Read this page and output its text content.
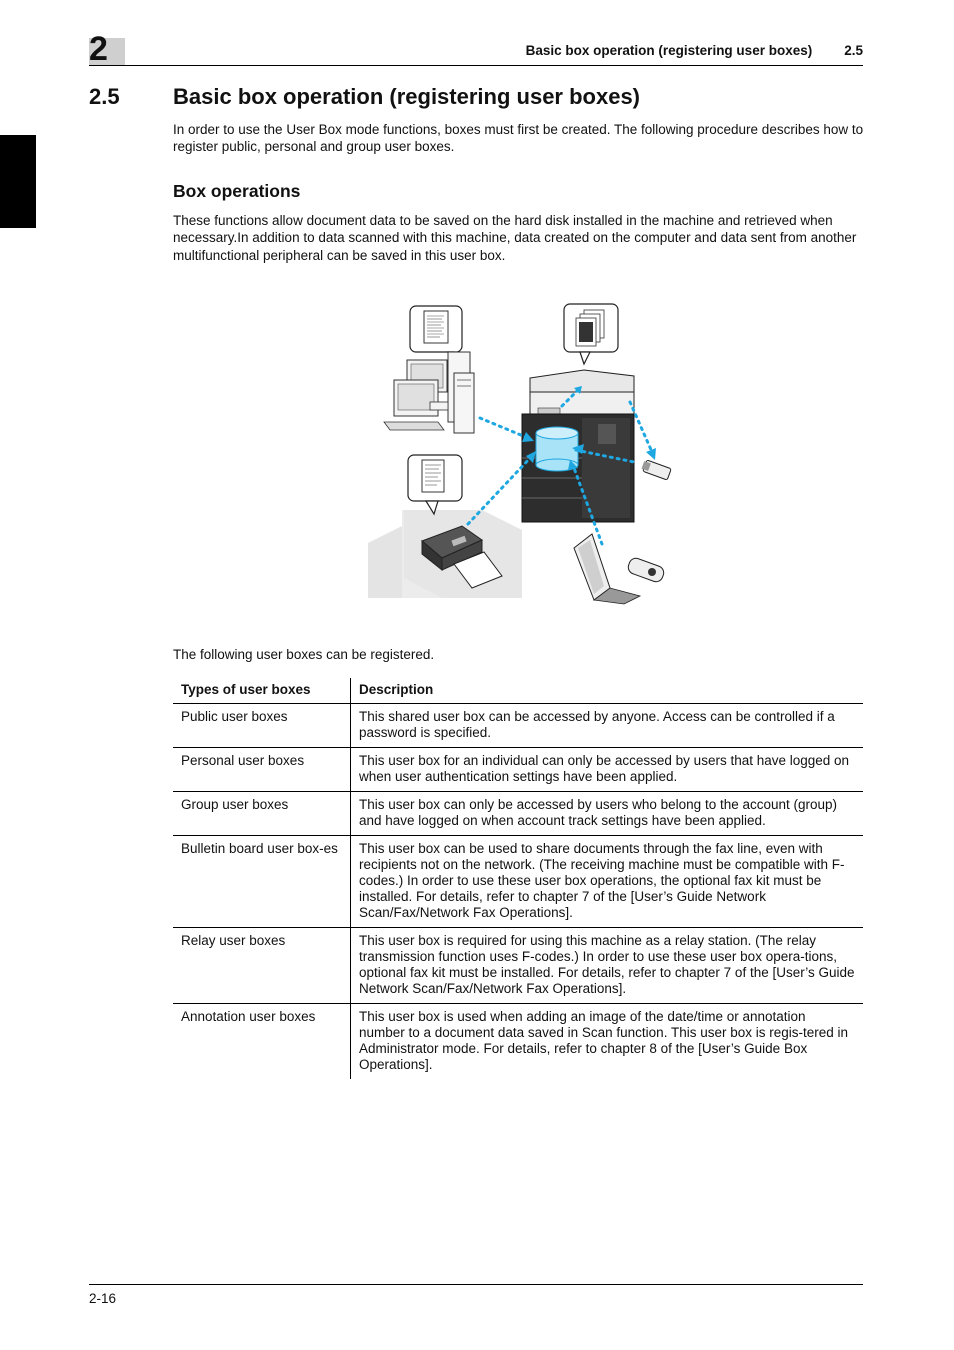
2	Basic box operation (registering user boxes) 2.5
2.5 Basic box operation (registering user boxes)

In order to use the User Box mode functions, boxes must first be created. The following procedure describes how to register public, personal and group user boxes.

Box operations

These functions allow document data to be saved on the hard disk installed in the machine and retrieved when necessary.In addition to data scanned with this machine, data created on the computer and data sent from another multifunctional peripheral can be saved in this user box.

The following user boxes can be registered.

Types of user boxes	Description
Public user boxes	This shared user box can be accessed by anyone. Access can be controlled if a password is specified.
Personal user boxes	This user box for an individual can only be accessed by users that have logged on when user authentication settings have been applied.
Group user boxes	This user box can only be accessed by users who belong to the account (group) and have logged on when account track settings have been applied.
Bulletin board user box-es	This user box can be used to share documents through the fax line, even with recipients not on the network. (The receiving machine must be compatible with F-codes.) In order to use these user box operations, the optional fax kit must be installed. For details, refer to chapter 7 of the [User’s Guide Network Scan/Fax/Network Fax Operations].
Relay user boxes	This user box is required for using this machine as a relay station. (The relay transmission function uses F-codes.) In order to use these user box opera-tions, optional fax kit must be installed. For details, refer to chapter 7 of the [User’s Guide Network Scan/Fax/Network Fax Operations].
Annotation user boxes	This user box is used when adding an image of the date/time or annotation number to a document data saved in Scan function. This user box is regis-tered in Administrator mode. For details, refer to chapter 8 of the [User’s Guide Box Operations].
2-16
